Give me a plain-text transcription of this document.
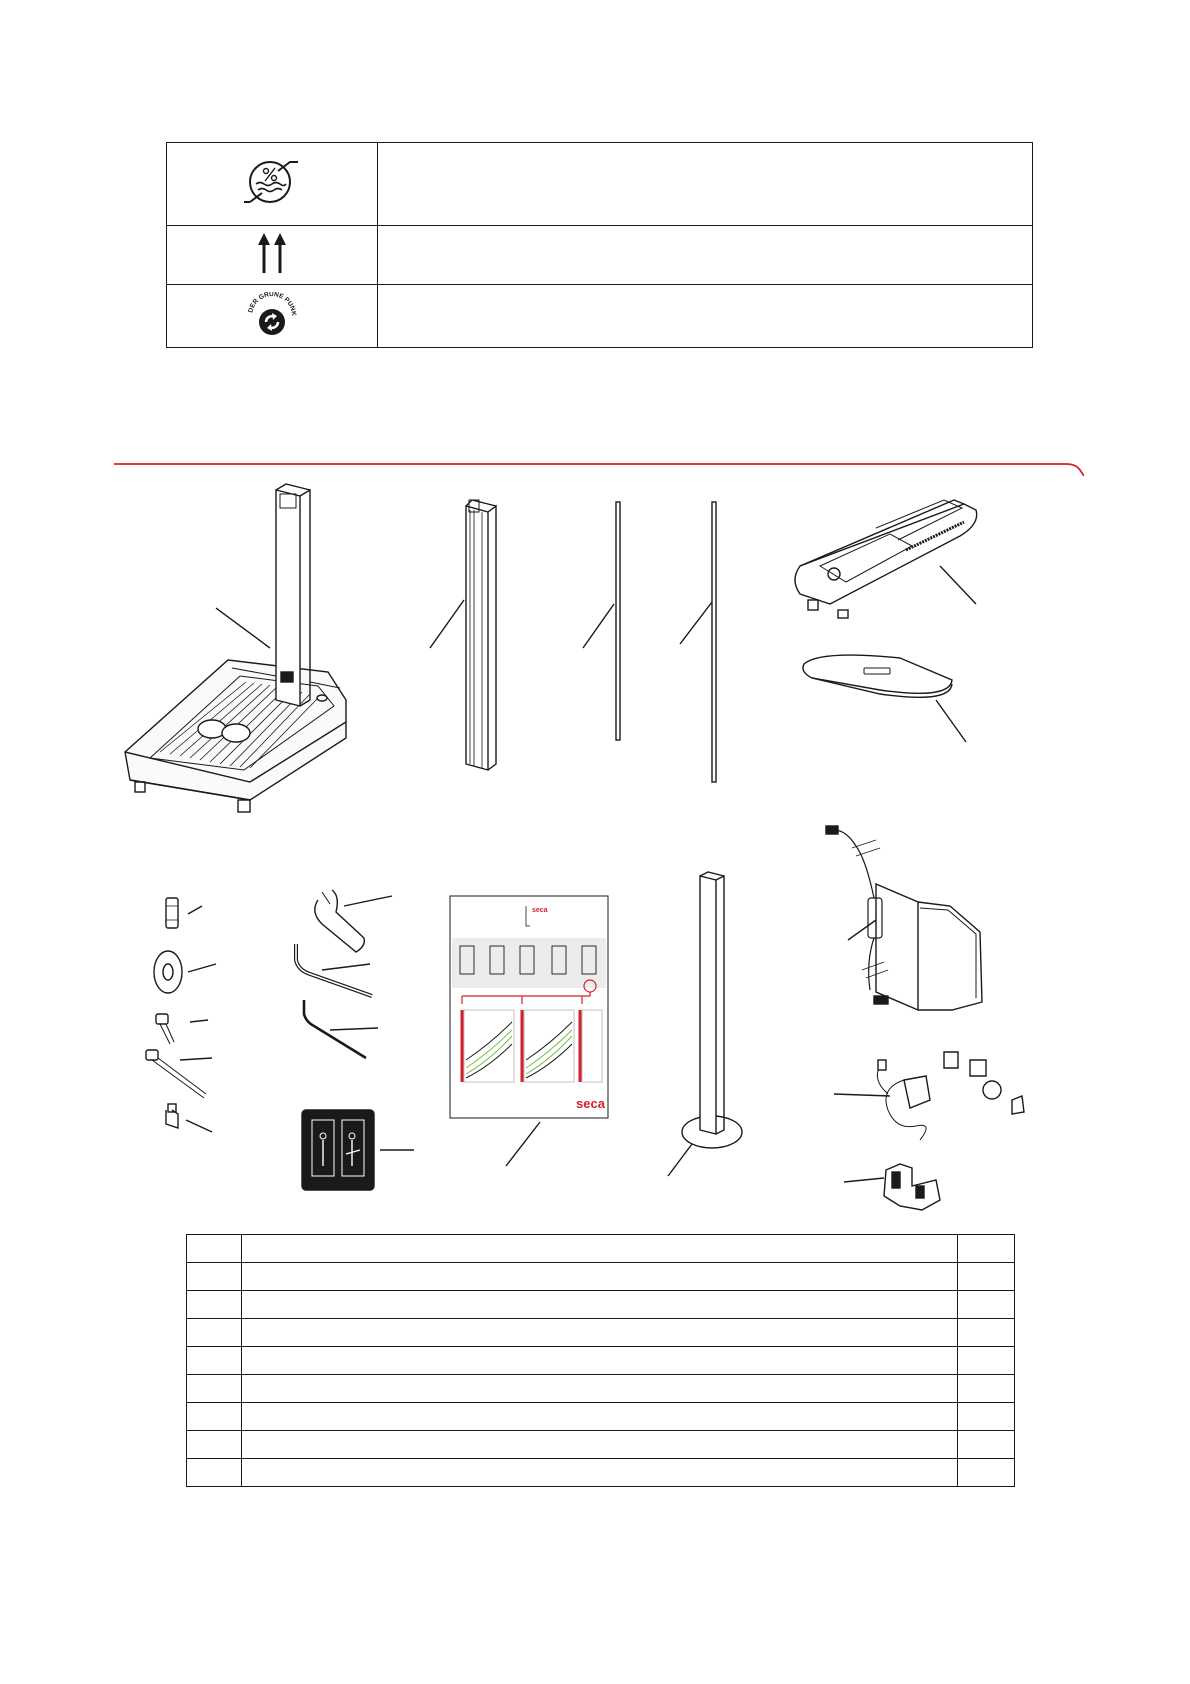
DER GRÜNE PUNK	

seca
seca
